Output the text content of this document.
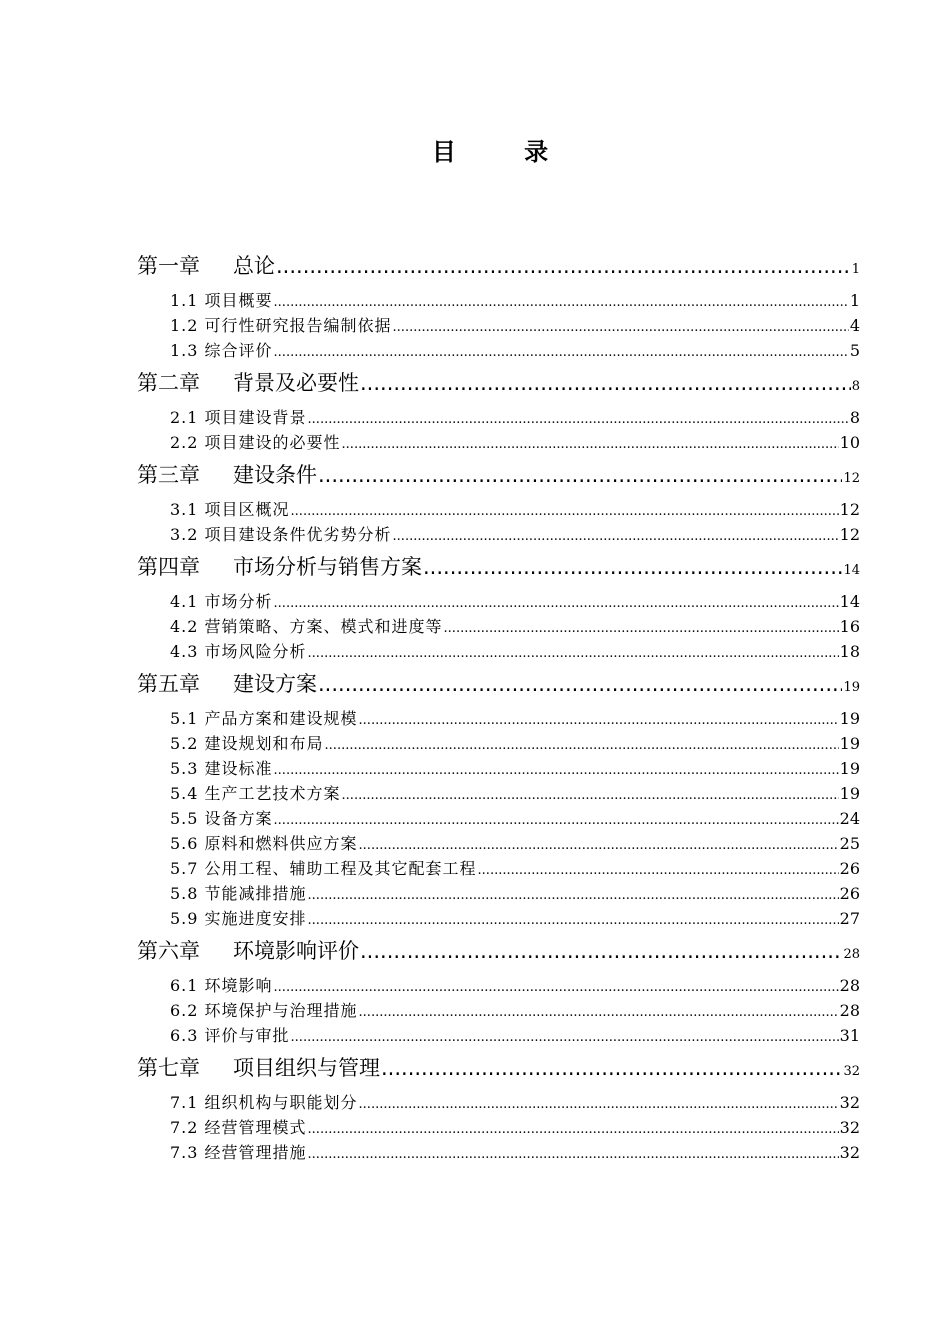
目 录
第一章 总论 .....	1
1.1 项目概要 .....	1
1.2 可行性研究报告编制依据 .....	4
1.3 综合评价 .....	5
第二章 背景及必要性 .....	8
2.1 项目建设背景 .....	8
2.2 项目建设的必要性 .....	10
第三章 建设条件 .....	12
3.1 项目区概况 .....	12
3.2 项目建设条件优劣势分析 .....	12
第四章 市场分析与销售方案 .....	14
4.1 市场分析 .....	14
4.2 营销策略、方案、模式和进度等 .....	16
4.3 市场风险分析 .....	18
第五章 建设方案 .....	19
5.1 产品方案和建设规模 .....	19
5.2 建设规划和布局 .....	19
5.3 建设标准 .....	19
5.4 生产工艺技术方案 .....	19
5.5 设备方案 .....	24
5.6 原料和燃料供应方案 .....	25
5.7 公用工程、辅助工程及其它配套工程 .....	26
5.8 节能减排措施 .....	26
5.9 实施进度安排 .....	27
第六章 环境影响评价 .....	28
6.1 环境影响 .....	28
6.2 环境保护与治理措施 .....	28
6.3 评价与审批 .....	31
第七章 项目组织与管理 .....	32
7.1 组织机构与职能划分 .....	32
7.2 经营管理模式 .....	32
7.3 经营管理措施 .....	32
